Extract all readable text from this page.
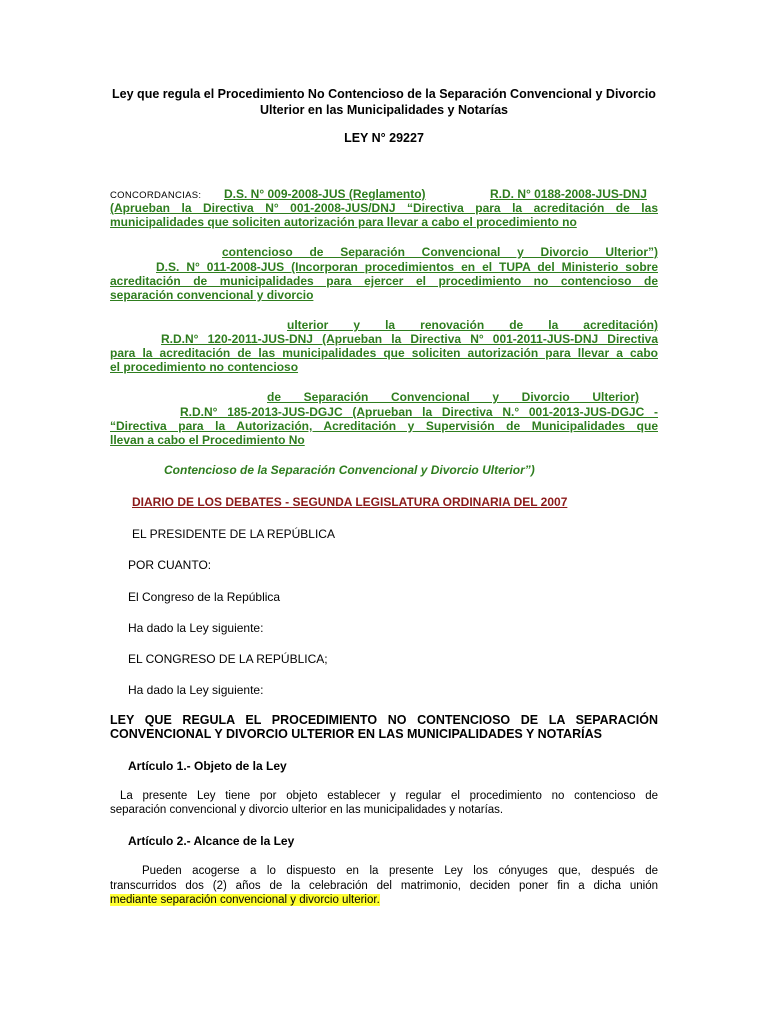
Ley que regula el Procedimiento No Contencioso de la Separación Convencional y Divorcio Ulterior en las Municipalidades y Notarías
LEY N° 29227
CONCORDANCIAS: D.S. N° 009-2008-JUS (Reglamento)	R.D. N° 0188-2008-JUS-DNJ
(Aprueban la Directiva N° 001-2008-JUS/DNJ “Directiva para la acreditación de las
municipalidades que soliciten autorización para llevar a cabo el procedimiento no
contencioso de Separación Convencional y Divorcio Ulterior”)
D.S. N° 011-2008-JUS (Incorporan procedimientos en el TUPA del Ministerio sobre
acreditación de municipalidades para ejercer el procedimiento no contencioso de
separación convencional y divorcio
ulterior y la renovación de la acreditación)
R.D.N° 120-2011-JUS-DNJ (Aprueban la Directiva N° 001-2011-JUS-DNJ Directiva
para la acreditación de las municipalidades que soliciten autorización para llevar a cabo
el procedimiento no contencioso
de Separación Convencional y Divorcio Ulterior)
R.D.N° 185-2013-JUS-DGJC (Aprueban la Directiva N.° 001-2013-JUS-DGJC -
“Directiva para la Autorización, Acreditación y Supervisión de Municipalidades que
llevan a cabo el Procedimiento No
Contencioso de la Separación Convencional y Divorcio Ulterior”)
DIARIO DE LOS DEBATES - SEGUNDA LEGISLATURA ORDINARIA DEL 2007
EL PRESIDENTE DE LA REPÚBLICA
POR CUANTO:
El Congreso de la República
Ha dado la Ley siguiente:
EL CONGRESO DE LA REPÚBLICA;
Ha dado la Ley siguiente:
LEY QUE REGULA EL PROCEDIMIENTO NO CONTENCIOSO DE LA SEPARACIÓN
CONVENCIONAL Y DIVORCIO ULTERIOR EN LAS MUNICIPALIDADES Y NOTARÍAS
Artículo 1.- Objeto de la Ley
La presente Ley tiene por objeto establecer y regular el procedimiento no contencioso de
separación convencional y divorcio ulterior en las municipalidades y notarías.
Artículo 2.- Alcance de la Ley
Pueden acogerse a lo dispuesto en la presente Ley los cónyuges que, después de
transcurridos dos (2) años de la celebración del matrimonio, deciden poner fin a dicha unión
mediante separación convencional y divorcio ulterior.
